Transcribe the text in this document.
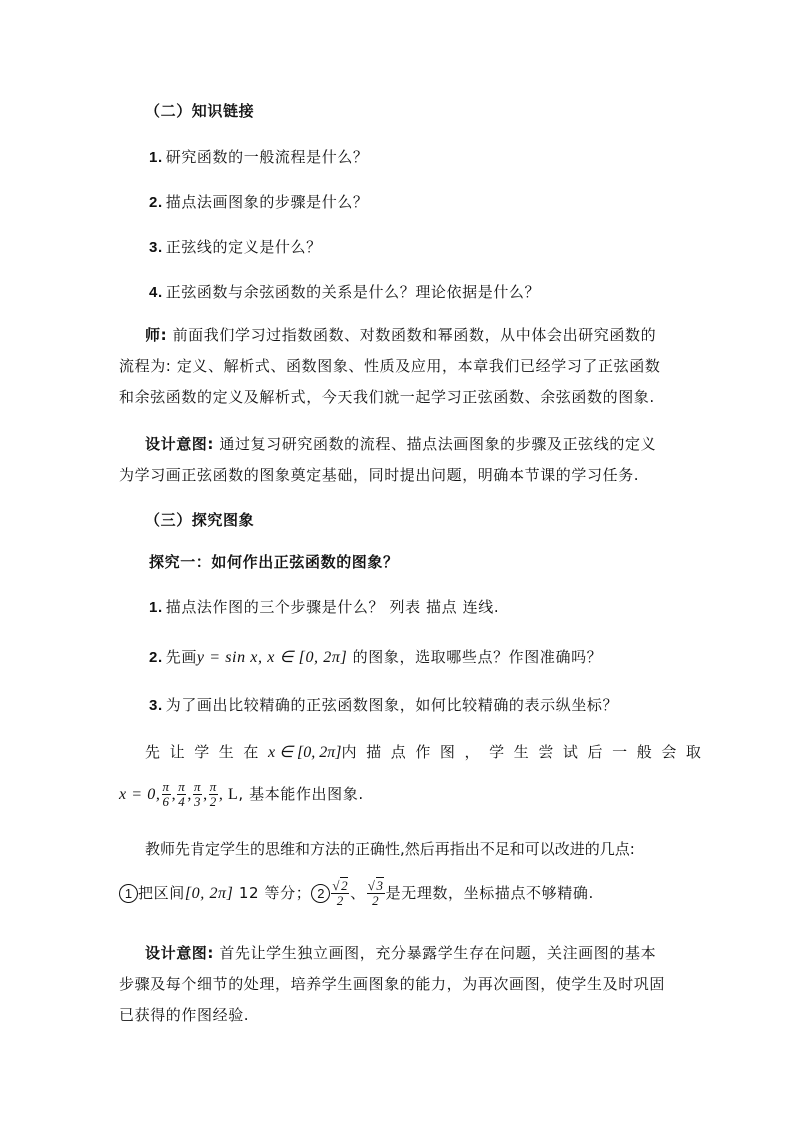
（二）知识链接
1. 研究函数的一般流程是什么？
2. 描点法画图象的步骤是什么？
3. 正弦线的定义是什么？
4. 正弦函数与余弦函数的关系是什么？理论依据是什么？
师: 前面我们学习过指数函数、对数函数和幂函数，从中体会出研究函数的
流程为: 定义、解析式、函数图象、性质及应用，本章我们已经学习了正弦函数
和余弦函数的定义及解析式，今天我们就一起学习正弦函数、余弦函数的图象.
设计意图: 通过复习研究函数的流程、描点法画图象的步骤及正弦线的定义
为学习画正弦函数的图象奠定基础，同时提出问题，明确本节课的学习任务.
（三）探究图象
探究一：如何作出正弦函数的图象？
1. 描点法作图的三个步骤是什么？ 列表 描点 连线.
2. 先画y = sin x, x ∈ [0, 2π] 的图象，选取哪些点？作图准确吗？
3. 为了画出比较精确的正弦函数图象，如何比较精确的表示纵坐标？
先让学生在x ∈ [0, 2π]内描点作图，学生尝试后一般会取
x = 0, $\frac{\pi}{6}$ , $\frac{\pi}{4}$ , $\frac{\pi}{3}$ , $\frac{\pi}{2}$ , L, 基本能作出图象.
教师先肯定学生的思维和方法的正确性,然后再指出不足和可以改进的几点:
1 把区间[0, 2π] 12 等分； $2 \frac{√2}{2}$ 、 $\frac{√3}{2}$ 是无理数，坐标描点不够精确.
设计意图: 首先让学生独立画图，充分暴露学生存在问题，关注画图的基本
步骤及每个细节的处理，培养学生画图象的能力，为再次画图，使学生及时巩固
已获得的作图经验.
